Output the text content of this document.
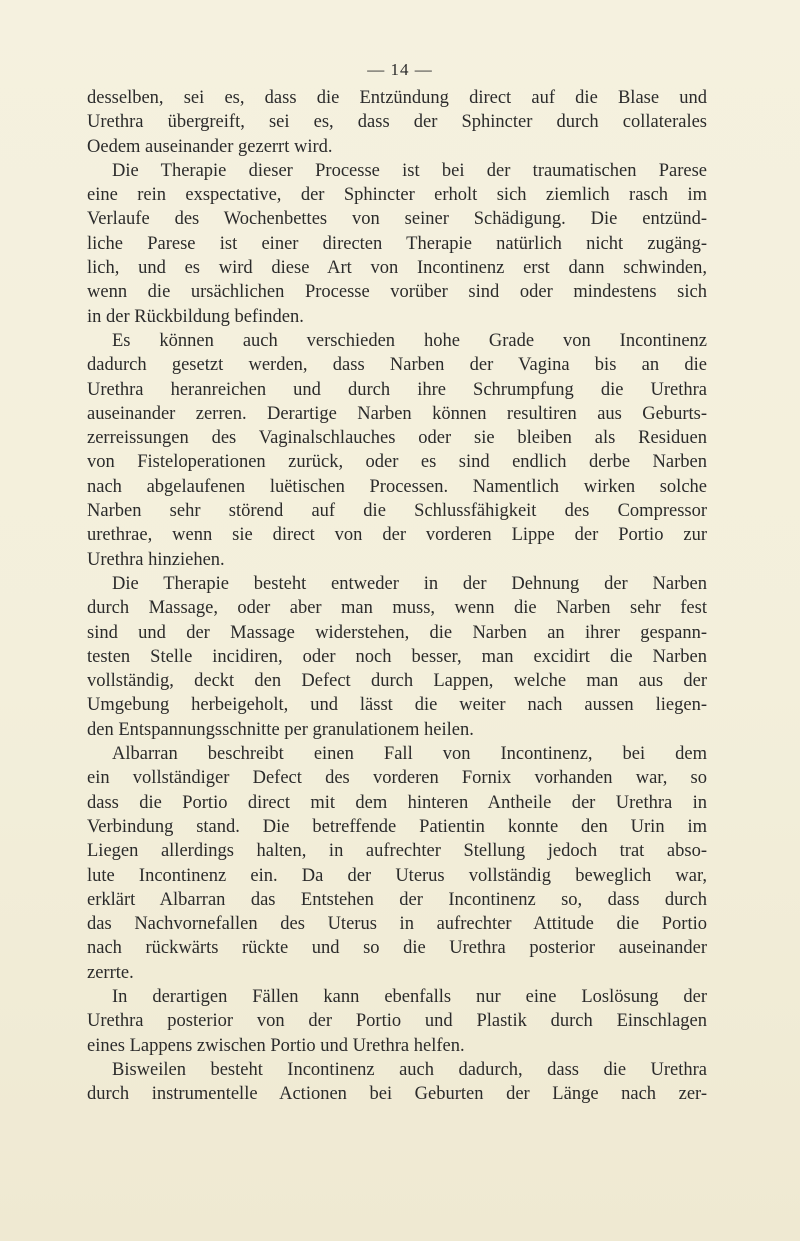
— 14 —
desselben, sei es, dass die Entzündung direct auf die Blase und
Urethra übergreift, sei es, dass der Sphincter durch collaterales
Oedem auseinander gezerrt wird.
Die Therapie dieser Processe ist bei der traumatischen Parese
eine rein exspectative, der Sphincter erholt sich ziemlich rasch im
Verlaufe des Wochenbettes von seiner Schädigung. Die entzünd-
liche Parese ist einer directen Therapie natürlich nicht zugäng-
lich, und es wird diese Art von Incontinenz erst dann schwinden,
wenn die ursächlichen Processe vorüber sind oder mindestens sich
in der Rückbildung befinden.
Es können auch verschieden hohe Grade von Incontinenz
dadurch gesetzt werden, dass Narben der Vagina bis an die
Urethra heranreichen und durch ihre Schrumpfung die Urethra
auseinander zerren. Derartige Narben können resultiren aus Geburts-
zerreissungen des Vaginalschlauches oder sie bleiben als Residuen
von Fisteloperationen zurück, oder es sind endlich derbe Narben
nach abgelaufenen luëtischen Processen. Namentlich wirken solche
Narben sehr störend auf die Schlussfähigkeit des Compressor
urethrae, wenn sie direct von der vorderen Lippe der Portio zur
Urethra hinziehen.
Die Therapie besteht entweder in der Dehnung der Narben
durch Massage, oder aber man muss, wenn die Narben sehr fest
sind und der Massage widerstehen, die Narben an ihrer gespann-
testen Stelle incidiren, oder noch besser, man excidirt die Narben
vollständig, deckt den Defect durch Lappen, welche man aus der
Umgebung herbeigeholt, und lässt die weiter nach aussen liegen-
den Entspannungsschnitte per granulationem heilen.
Albarran beschreibt einen Fall von Incontinenz, bei dem
ein vollständiger Defect des vorderen Fornix vorhanden war, so
dass die Portio direct mit dem hinteren Antheile der Urethra in
Verbindung stand. Die betreffende Patientin konnte den Urin im
Liegen allerdings halten, in aufrechter Stellung jedoch trat abso-
lute Incontinenz ein. Da der Uterus vollständig beweglich war,
erklärt Albarran das Entstehen der Incontinenz so, dass durch
das Nachvornefallen des Uterus in aufrechter Attitude die Portio
nach rückwärts rückte und so die Urethra posterior auseinander
zerrte.
In derartigen Fällen kann ebenfalls nur eine Loslösung der
Urethra posterior von der Portio und Plastik durch Einschlagen
eines Lappens zwischen Portio und Urethra helfen.
Bisweilen besteht Incontinenz auch dadurch, dass die Urethra
durch instrumentelle Actionen bei Geburten der Länge nach zer-
